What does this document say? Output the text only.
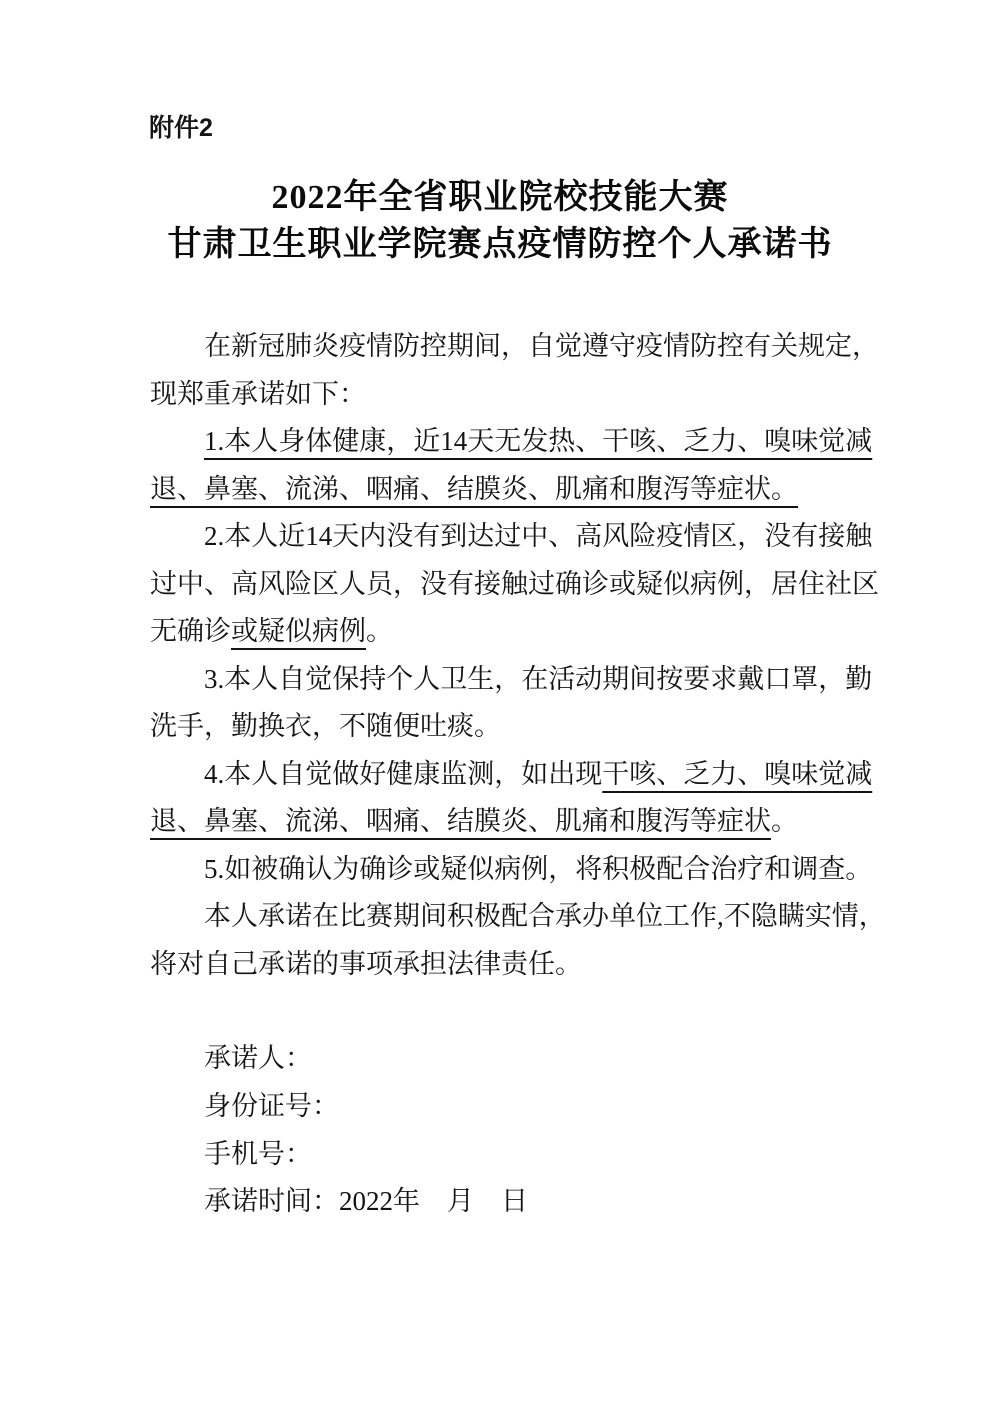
附件2
2022年全省职业院校技能大赛
甘肃卫生职业学院赛点疫情防控个人承诺书
在新冠肺炎疫情防控期间，自觉遵守疫情防控有关规定，
现郑重承诺如下：
1.本人身体健康，近14天无发热、干咳、乏力、嗅味觉减
退、鼻塞、流涕、咽痛、结膜炎、肌痛和腹泻等症状。
2.本人近14天内没有到达过中、高风险疫情区，没有接触
过中、高风险区人员，没有接触过确诊或疑似病例，居住社区
无确诊或疑似病例。
3.本人自觉保持个人卫生，在活动期间按要求戴口罩，勤
洗手，勤换衣，不随便吐痰。
4.本人自觉做好健康监测，如出现干咳、乏力、嗅味觉减
退、鼻塞、流涕、咽痛、结膜炎、肌痛和腹泻等症状。
5.如被确认为确诊或疑似病例，将积极配合治疗和调查。
本人承诺在比赛期间积极配合承办单位工作,不隐瞒实情，
将对自己承诺的事项承担法律责任。
承诺人：
身份证号：
手机号：
承诺时间：2022年　月　日
